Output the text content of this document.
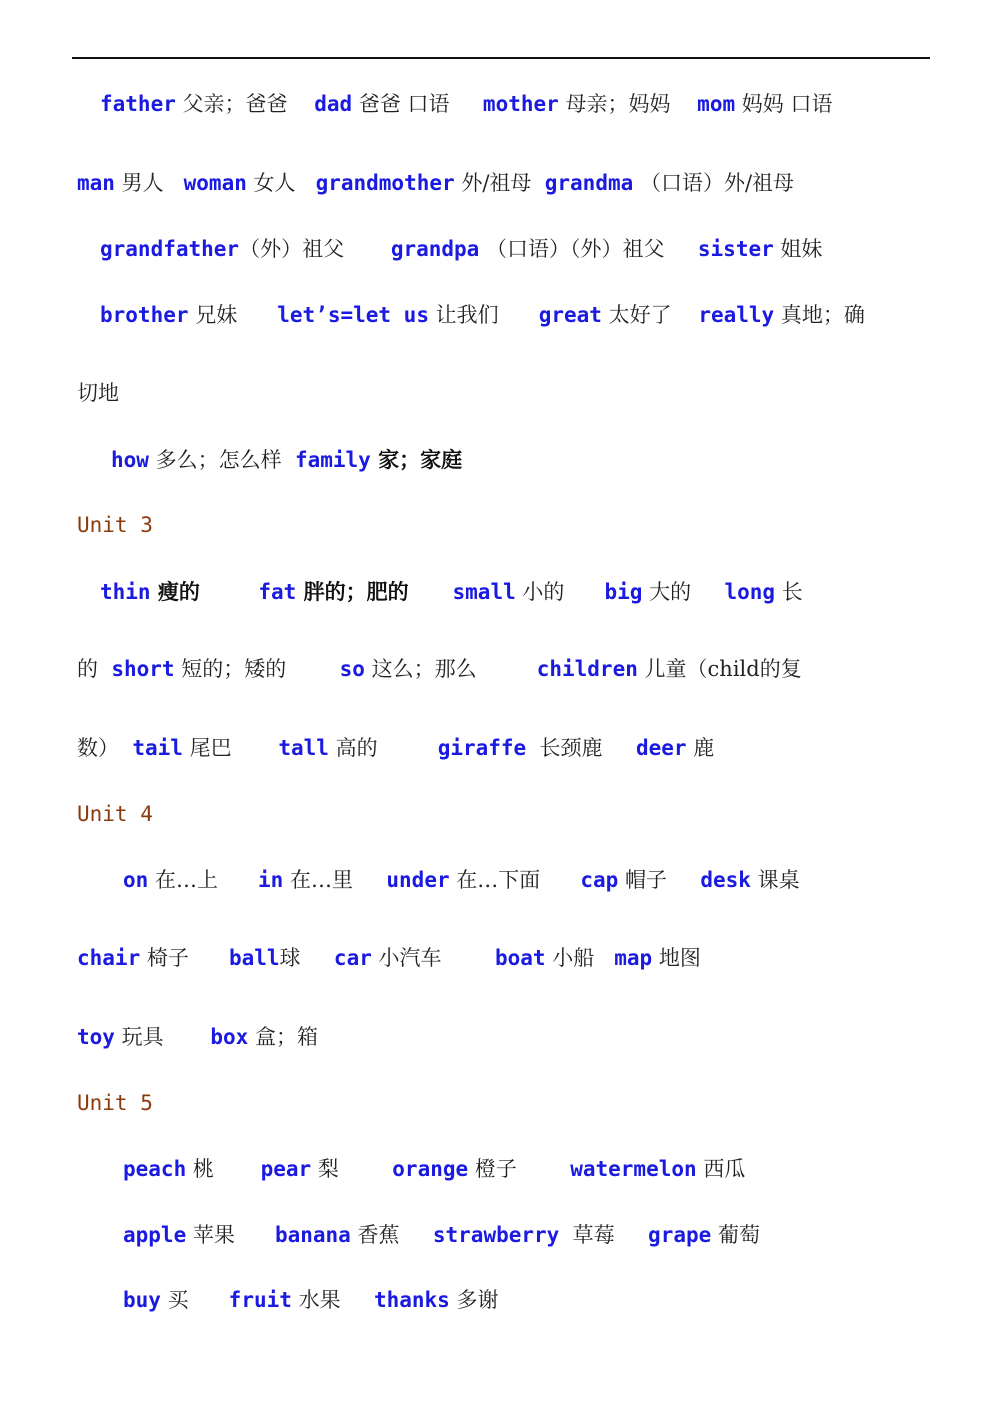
father 父亲；爸爸    dad 爸爸 口语     mother 母亲；妈妈    mom 妈妈 口语
man 男人   woman 女人   grandmother 外/祖母  grandma （口语）外/祖母
grandfather（外）祖父       grandpa （口语）（外）祖父     sister 姐妹
brother 兄妹      let’s=let us 让我们      great 太好了    really 真地；确
切地
how 多么；怎么样  family 家；家庭
Unit 3
thin 瘦的        fat 胖的；肥的      small 小的      big 大的     long 长
的  short 短的；矮的        so 这么；那么         children 儿童（child的复
数）  tail 尾巴       tall 高的         giraffe  长颈鹿     deer 鹿
Unit 4
on 在…上      in 在…里     under 在…下面      cap 帽子     desk 课桌
chair 椅子      ball球     car 小汽车        boat 小船   map 地图
toy 玩具       box 盒；箱
Unit 5
peach 桃       pear 梨        orange 橙子        watermelon 西瓜
apple 苹果      banana 香蕉     strawberry  草莓     grape 葡萄
buy 买      fruit 水果     thanks 多谢
